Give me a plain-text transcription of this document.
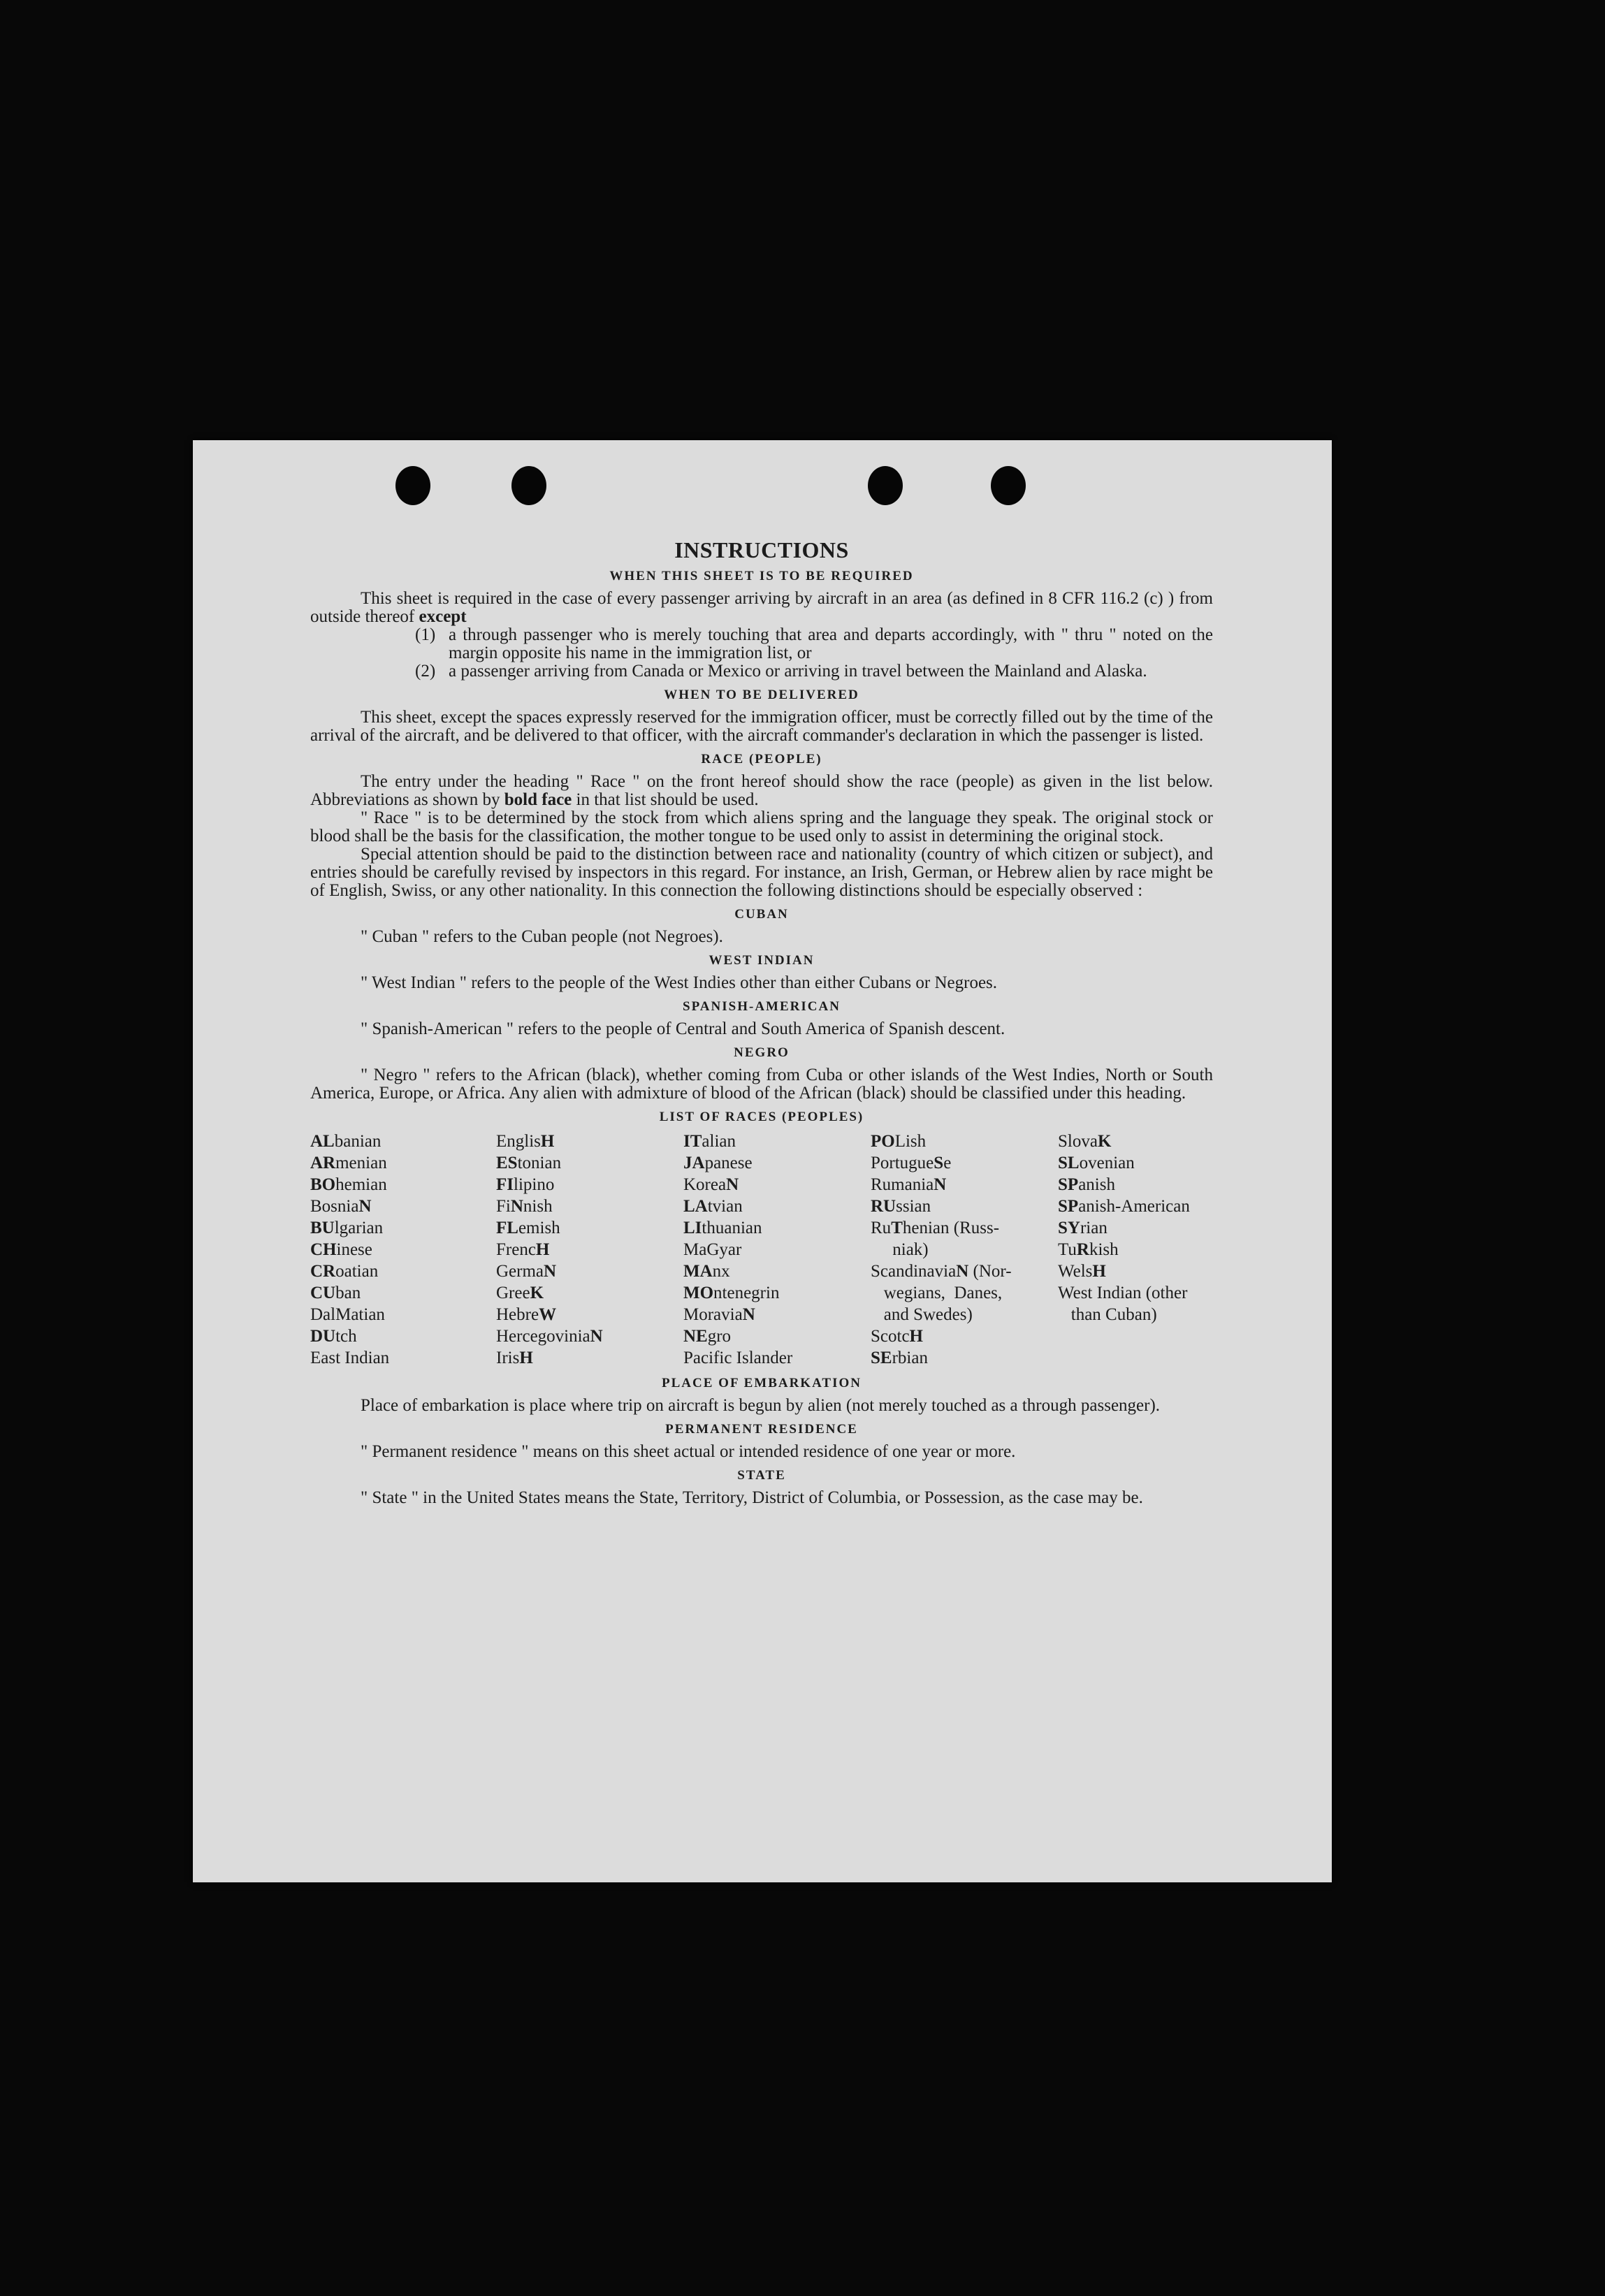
INSTRUCTIONS
WHEN THIS SHEET IS TO BE REQUIRED

This sheet is required in the case of every passenger arriving by aircraft in an area (as defined in 8 CFR 116.2 (c) ) from outside thereof except

(1) a through passenger who is merely touching that area and departs accordingly, with " thru " noted on the margin opposite his name in the immigration list, or
(2) a passenger arriving from Canada or Mexico or arriving in travel between the Mainland and Alaska.
WHEN TO BE DELIVERED

This sheet, except the spaces expressly reserved for the immigration officer, must be correctly filled out by the time of the arrival of the aircraft, and be delivered to that officer, with the aircraft commander's declaration in which the passenger is listed.

RACE (PEOPLE)

The entry under the heading " Race " on the front hereof should show the race (people) as given in the list below. Abbreviations as shown by bold face in that list should be used.

" Race " is to be determined by the stock from which aliens spring and the language they speak. The original stock or blood shall be the basis for the classification, the mother tongue to be used only to assist in determining the original stock.

Special attention should be paid to the distinction between race and nationality (country of which citizen or subject), and entries should be carefully revised by inspectors in this regard. For instance, an Irish, German, or Hebrew alien by race might be of English, Swiss, or any other nationality. In this connection the following distinctions should be especially observed :

CUBAN

" Cuban " refers to the Cuban people (not Negroes).

WEST INDIAN

" West Indian " refers to the people of the West Indies other than either Cubans or Negroes.

SPANISH-AMERICAN

" Spanish-American " refers to the people of Central and South America of Spanish descent.

NEGRO

" Negro " refers to the African (black), whether coming from Cuba or other islands of the West Indies, North or South America, Europe, or Africa. Any alien with admixture of blood of the African (black) should be classified under this heading.

LIST OF RACES (PEOPLES)
ALbanian
ARmenian
BOhemian
BosniaN
BUlgarian
CHinese
CRoatian
CUban
DalMatian
DUtch
East Indian
EnglisH
EStonian
FIlipino
FiNnish
FLemish
FrencH
GermaN
GreeK
HebreW
HercegoviniaN
IrisH
ITalian
JApanese
KoreaN
LAtvian
LIthuanian
MaGyar
MAnx
MOntenegrin
MoraviaN
NEgro
Pacific Islander
POLish
PortugueSe
RumaniaN
RUssian
RuThenian (Russ-
niak)
ScandinaviaN (Nor-
wegians,  Danes,
and Swedes)
ScotcH
SErbian
SlovaK
SLovenian
SPanish
SPanish-American
SYrian
TuRkish
WelsH
West Indian (other
than Cuban)
PLACE OF EMBARKATION

Place of embarkation is place where trip on aircraft is begun by alien (not merely touched as a through passenger).

PERMANENT RESIDENCE

" Permanent residence " means on this sheet actual or intended residence of one year or more.

STATE

" State " in the United States means the State, Territory, District of Columbia, or Possession, as the case may be.
